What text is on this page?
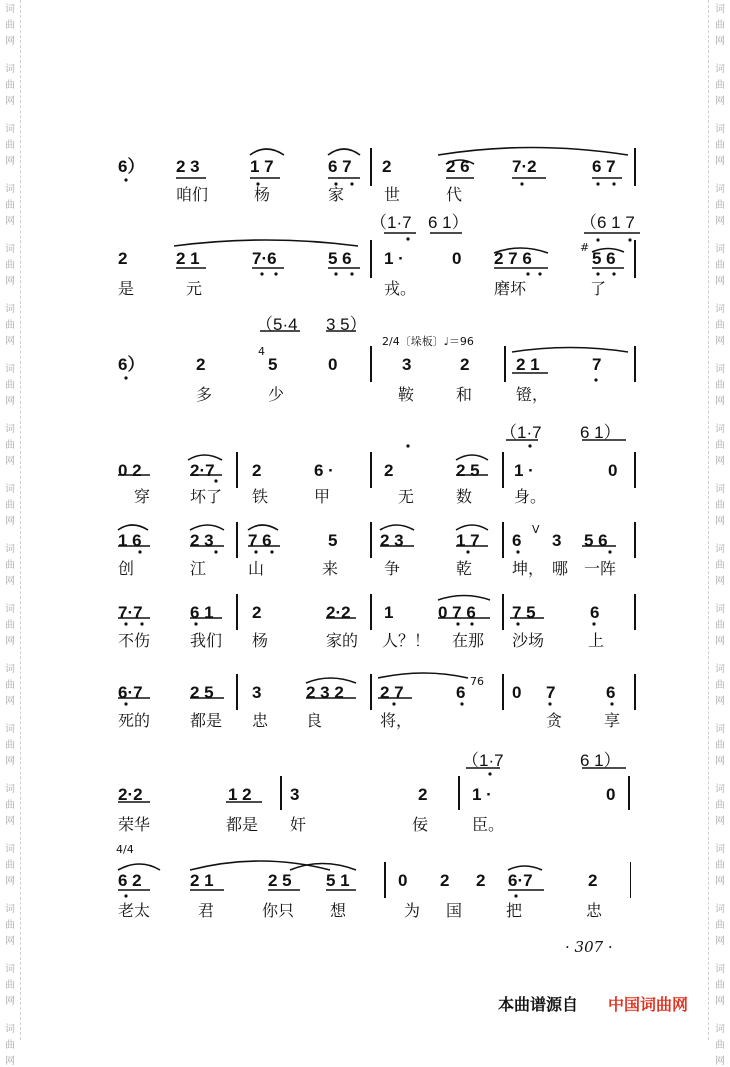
词
曲
网
词
曲
网
词
曲
网
词
曲
网
词
曲
网
词
曲
网
词
曲
网
词
曲
网
词
曲
网
词
曲
网
词
曲
网
词
曲
网
词
曲
网
词
曲
网
词
曲
网
词
曲
网
词
曲
网
词
曲
网
词
曲
网
词
曲
网
词
曲
网
词
曲
网
词
曲
网
词
曲
网
词
曲
网
词
曲
网
词
曲
网
词
曲
网
词
曲
网
词
曲
网
词
曲
网
词
曲
网
词
曲
网
词
曲
网
词
曲
网
词
曲
网
6） 2 3	1 7	6 7 2	2 6 7·2	6 7
咱们	杨	家 世	代
（1·7 6 1）	（6 1 7
2	2 1	7·6	5 6 1 ·	0 2 7 6
#
5 6
是	元	戎。	磨坏	了
（5·4 3 5）
2/4〔垛板〕♩＝96
6）	2
4
5	0	3	2	2 1	7
多	少	鞍	和	镫，
（1·7 6 1）
0 2	2·7 2	6 ·	2	2 5 1 ·	0
穿 坏了 铁	甲	无	数	身。
1 6	2 3 7 6	5	2 3	1 7 6
V
3 5 6
创	江	山	来	争	乾 坤， 哪 一阵
7·7	6 1 2	2·2 1	0 7 6 7 5	6
不伤 我们 杨	家的 人？！ 在那 沙场	上
6·7	2 5 3	2 3 2 2 7	6
76
0 7	6
死的 都是 忠 良	将，	贪	享
（1·7	6 1）
2·2	1 2 3	2	1 ·	0
荣华	都是 奸	佞	臣。
4/4
6 2	2 1	2 5 5 1	0 2 2 6·7	2
老太	君	你只 想	为 国	把	忠
· 307 ·
本曲谱源自 中国词曲网
